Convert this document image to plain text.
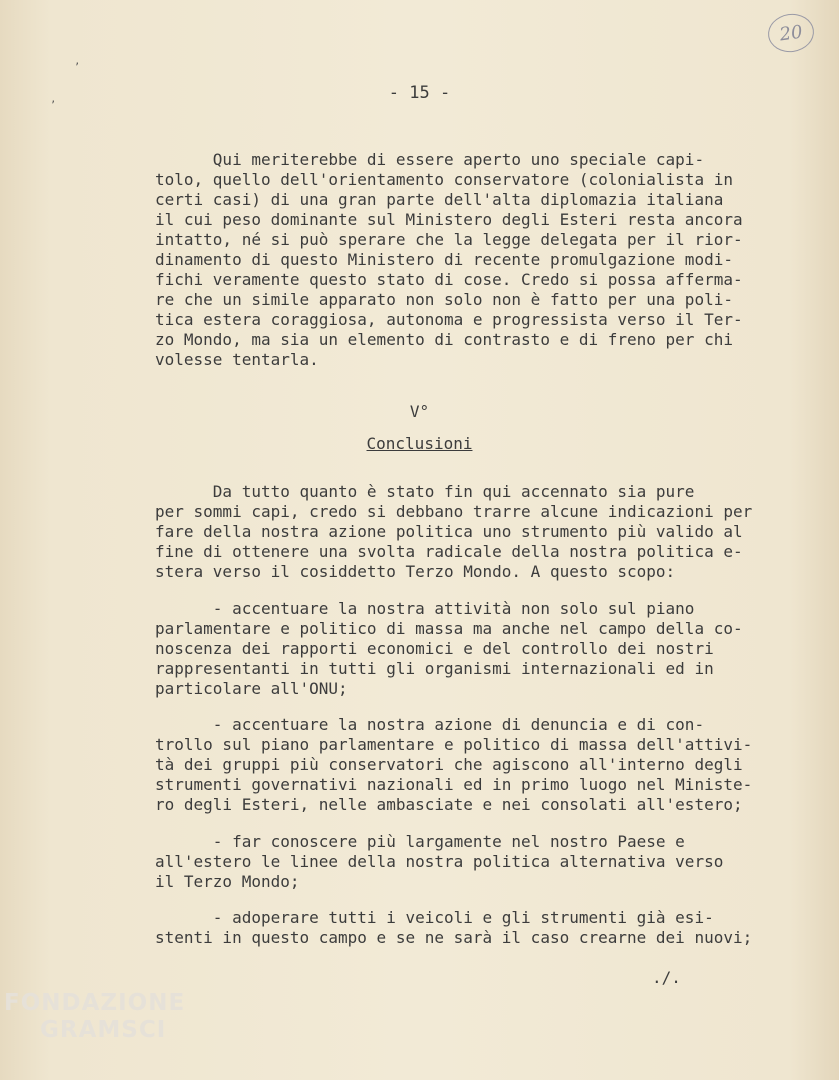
20
’
’
- 15 -
Qui meriterebbe di essere aperto uno speciale capi-
tolo, quello dell'orientamento conservatore (colonialista in
certi casi) di una gran parte dell'alta diplomazia italiana
il cui peso dominante sul Ministero degli Esteri resta ancora
intatto, né si può sperare che la legge delegata per il rior-
dinamento di questo Ministero di recente promulgazione modi-
fichi veramente questo stato di cose. Credo si possa afferma-
re che un simile apparato non solo non è fatto per una poli-
tica estera coraggiosa, autonoma e progressista verso il Ter-
zo Mondo, ma sia un elemento di contrasto e di freno per chi
volesse tentarla.
V°
Conclusioni
Da tutto quanto è stato fin qui accennato sia pure
per sommi capi, credo si debbano trarre alcune indicazioni per
fare della nostra azione politica uno strumento più valido al
fine di ottenere una svolta radicale della nostra politica e-
stera verso il cosiddetto Terzo Mondo. A questo scopo:
- accentuare la nostra attività non solo sul piano
parlamentare e politico di massa ma anche nel campo della co-
noscenza dei rapporti economici e del controllo dei nostri
rappresentanti in tutti gli organismi internazionali ed in
particolare all'ONU;
- accentuare la nostra azione di denuncia e di con-
trollo sul piano parlamentare e politico di massa dell'attivi-
tà dei gruppi più conservatori che agiscono all'interno degli
strumenti governativi nazionali ed in primo luogo nel Ministe-
ro degli Esteri, nelle ambasciate e nei consolati all'estero;
- far conoscere più largamente nel nostro Paese e
all'estero le linee della nostra politica alternativa verso
il Terzo Mondo;
- adoperare tutti i veicoli e gli strumenti già esi-
stenti in questo campo e se ne sarà il caso crearne dei nuovi;
./.
FONDAZIONE
GRAMSCI
